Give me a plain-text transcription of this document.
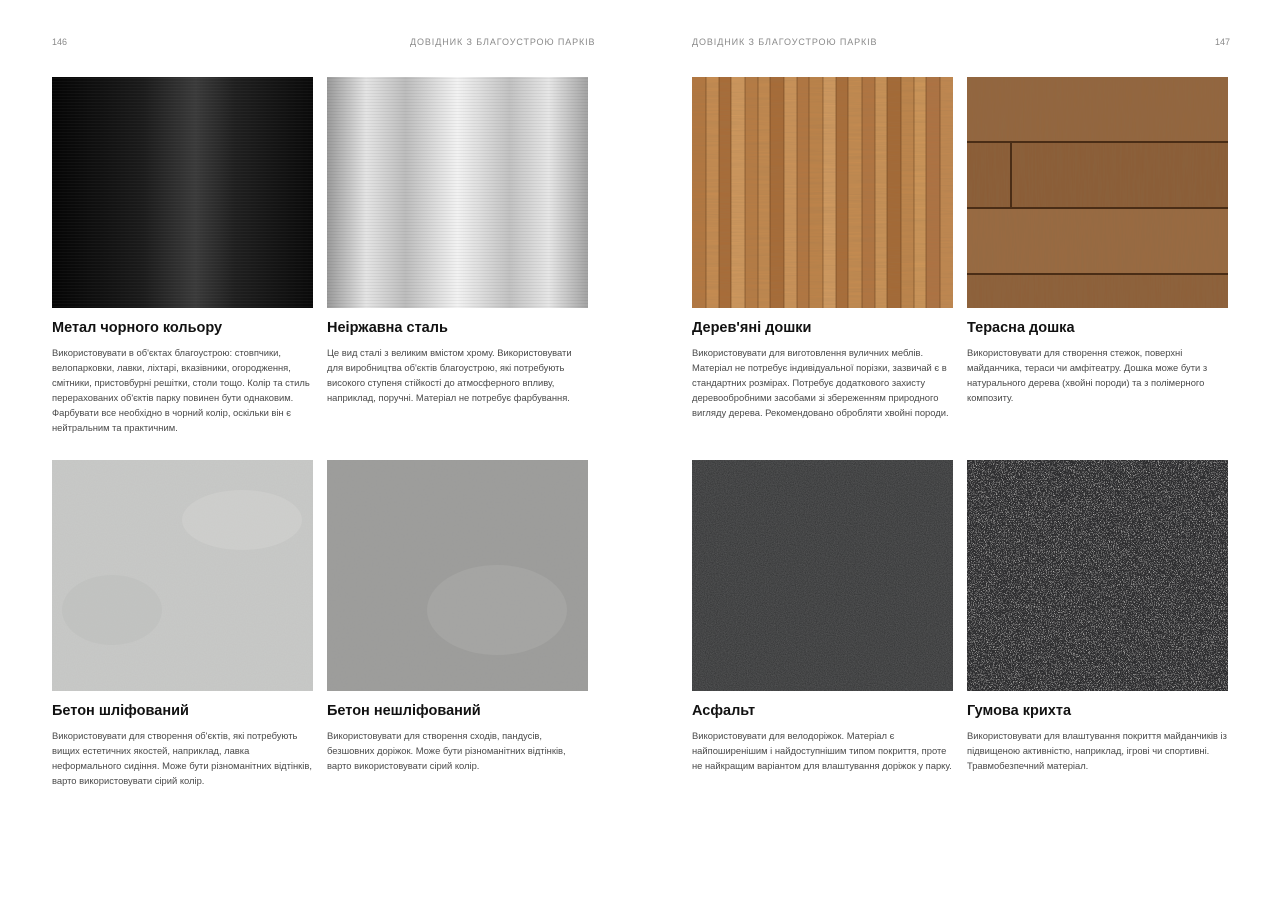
146	ДОВІДНИК З БЛАГОУСТРОЮ ПАРКІВ
Метал чорного кольору

Використовувати в об'єктах благоустрою: стовпчики, велопарковки, лавки, ліхтарі, вказівники, огородження, смітники, пристовбурні решітки, столи тощо. Колір та стиль перерахованих об'єктів парку повинен бути однаковим. Фарбувати все необхідно в чорний колір, оскільки він є нейтральним та практичним.

Неіржавна сталь

Це вид сталі з великим вмістом хрому. Використовувати для виробництва об'єктів благоустрою, які потребують високого ступеня стійкості до атмосферного впливу, наприклад, поручні. Матеріал не потребує фарбування.

Бетон шліфований

Використовувати для створення об'єктів, які потребують вищих естетичних якостей, наприклад, лавка неформального сидіння. Може бути різноманітних відтінків, варто використовувати сірий колір.

Бетон нешліфований

Використовувати для створення сходів, пандусів, безшовних доріжок. Може бути різноманітних відтінків, варто використовувати сірий колір.

ДОВІДНИК З БЛАГОУСТРОЮ ПАРКІВ	147
Дерев'яні дошки

Використовувати для виготовлення вуличних меблів. Матеріал не потребує індивідуальної порізки, зазвичай є в стандартних розмірах. Потребує додаткового захисту деревообробними засобами зі збереженням природного вигляду дерева. Рекомендовано обробляти хвойні породи.

Терасна дошка

Використовувати для створення стежок, поверхні майданчика, тераси чи амфітеатру. Дошка може бути з натурального дерева (хвойні породи) та з полімерного композиту.

Асфальт

Використовувати для велодоріжок. Матеріал є найпоширенішим і найдоступнішим типом покриття, проте не найкращим варіантом для влаштування доріжок у парку.

Гумова крихта

Використовувати для влаштування покриття майданчиків із підвищеною активністю, наприклад, ігрові чи спортивні. Травмобезпечний матеріал.
